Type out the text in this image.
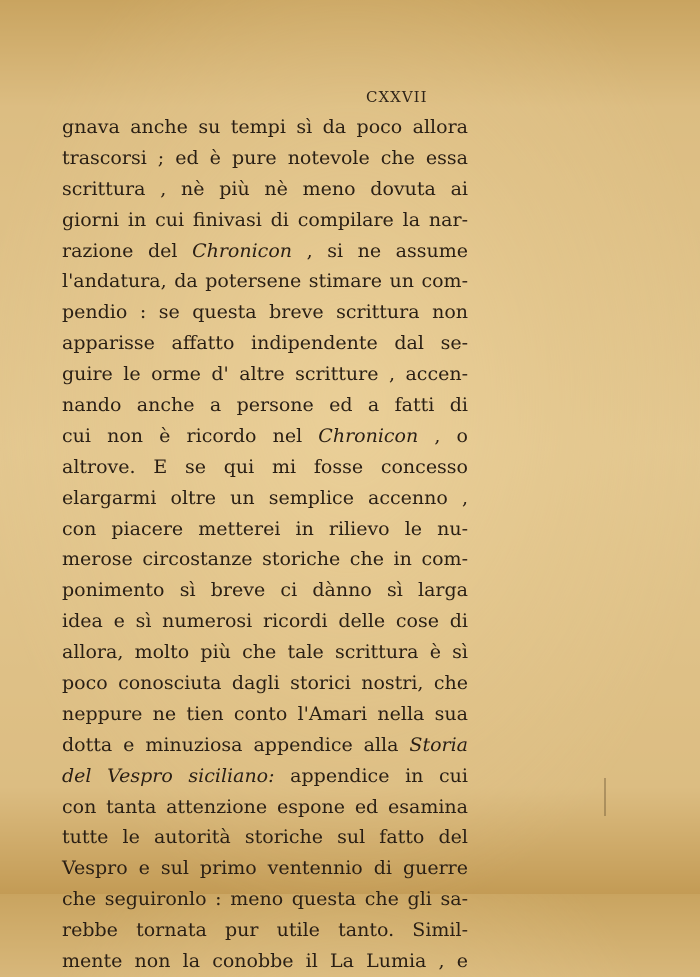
CXXVII
gnava anche su tempi sì da poco allora
trascorsi ; ed è pure notevole che essa
scrittura , nè più nè meno dovuta ai
giorni in cui finivasi di compilare la nar-
razione del Chronicon , si ne assume
l'andatura, da potersene stimare un com-
pendio : se questa breve scrittura non
apparisse affatto indipendente dal se-
guire le orme d' altre scritture , accen-
nando anche a persone ed a fatti di
cui non è ricordo nel Chronicon , o
altrove. E se qui mi fosse concesso
elargarmi oltre un semplice accenno ,
con piacere metterei in rilievo le nu-
merose circostanze storiche che in com-
ponimento sì breve ci dànno sì larga
idea e sì numerosi ricordi delle cose di
allora, molto più che tale scrittura è sì
poco conosciuta dagli storici nostri, che
neppure ne tien conto l'Amari nella sua
dotta e minuziosa appendice alla Storia
del Vespro siciliano: appendice in cui
con tanta attenzione espone ed esamina
tutte le autorità storiche sul fatto del
Vespro e sul primo ventennio di guerre
che seguironlo : meno questa che gli sa-
rebbe tornata pur utile tanto. Simil-
mente non la conobbe il La Lumia , e
